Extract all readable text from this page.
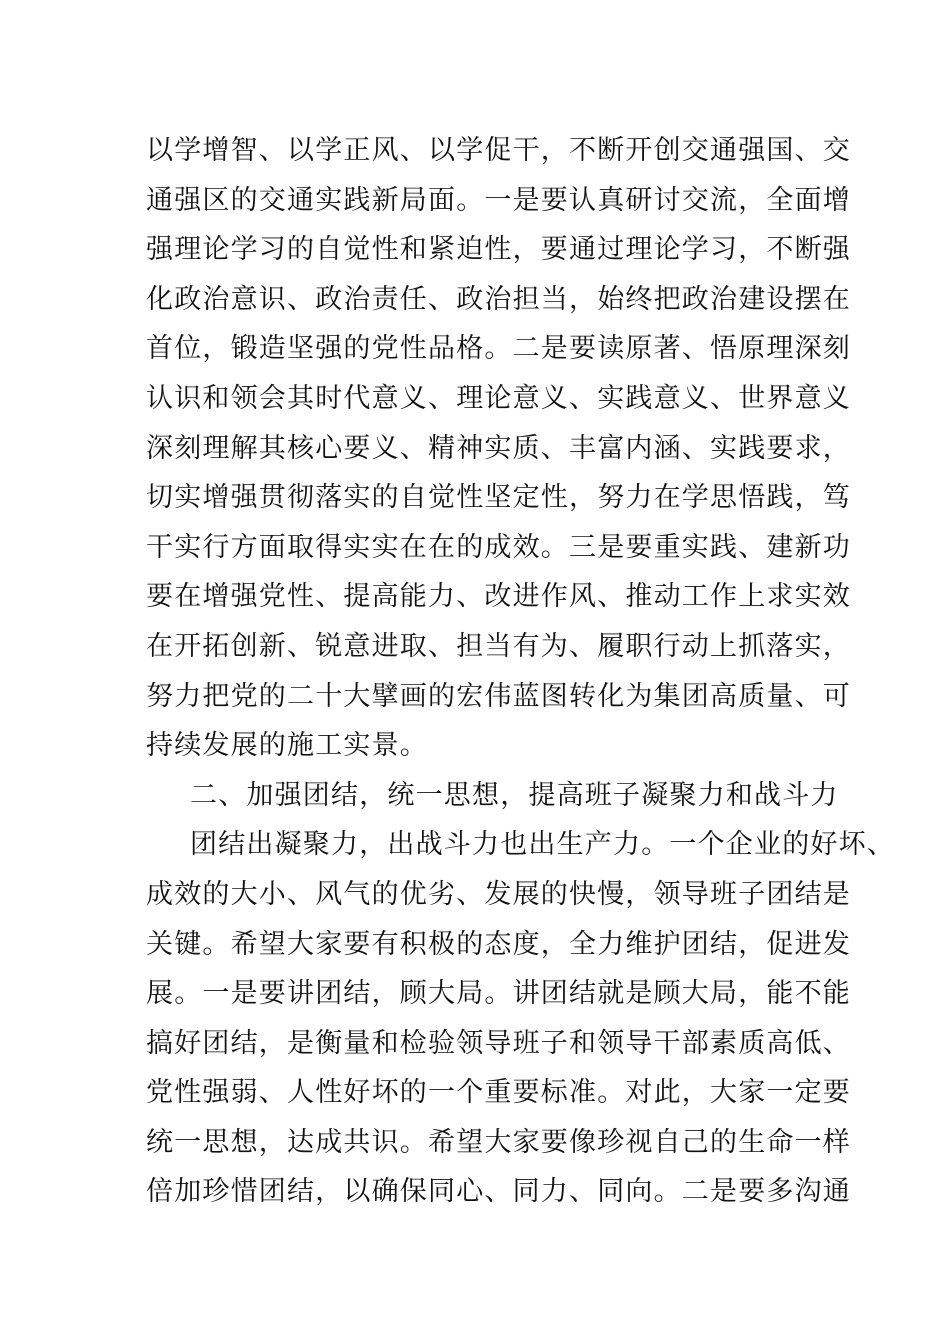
以学增智、以学正风、以学促干，不断开创交通强国、交
通强区的交通实践新局面。一是要认真研讨交流，全面增
强理论学习的自觉性和紧迫性，要通过理论学习，不断强
化政治意识、政治责任、政治担当，始终把政治建设摆在
首位，锻造坚强的党性品格。二是要读原著、悟原理深刻
认识和领会其时代意义、理论意义、实践意义、世界意义
深刻理解其核心要义、精神实质、丰富内涵、实践要求，
切实增强贯彻落实的自觉性坚定性，努力在学思悟践，笃
干实行方面取得实实在在的成效。三是要重实践、建新功
要在增强党性、提高能力、改进作风、推动工作上求实效
在开拓创新、锐意进取、担当有为、履职行动上抓落实，
努力把党的二十大擘画的宏伟蓝图转化为集团高质量、可
持续发展的施工实景。
二、加强团结，统一思想，提高班子凝聚力和战斗力
团结出凝聚力，出战斗力也出生产力。一个企业的好坏、
成效的大小、风气的优劣、发展的快慢，领导班子团结是
关键。希望大家要有积极的态度，全力维护团结，促进发
展。一是要讲团结，顾大局。讲团结就是顾大局，能不能
搞好团结，是衡量和检验领导班子和领导干部素质高低、
党性强弱、人性好坏的一个重要标准。对此，大家一定要
统一思想，达成共识。希望大家要像珍视自己的生命一样
倍加珍惜团结，以确保同心、同力、同向。二是要多沟通
